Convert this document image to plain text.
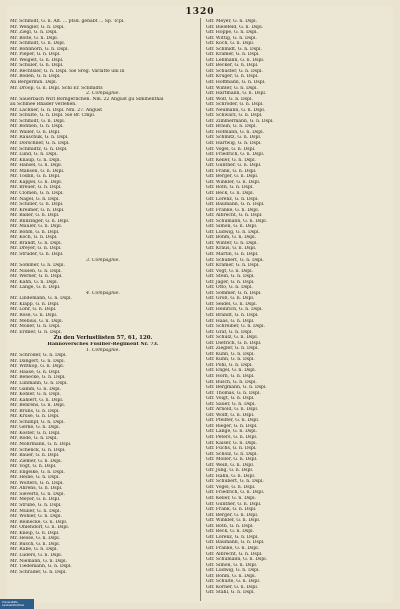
1320
Mr. Schmidt, G. n. Alt. ... ptsd. gehabt ... Sp. Tcpl.
Mr. Wengler, G. n. Dspl.
Mr. Ziegl, G. n. Dspl.
Mr. Bolte, G. n. Dspl.
Mr. Schmidt, G. n. Dspl.
Mr. Bohnhorn, G. n. Dspl.
Mr. Pieper, G. n. Dspl.
Mr. Weigelt, G. n. Dspl.
Mr. Schuler, G. n. Dspl.
Mr. Rechtsler, G. n. Dspl. Sie Sreg. Varlätte uni in
Mr. Boden, G. n. Dspl.
An Bergermin. Dspl.
Mr. Droop, G. n. Dspl. Schl Er. Schmidts
2. Compagnie.
Mr. Sauerbach Wirl Borngerlichen. Nm. 22 Angust gu Simmenthal
au Schmee Rhader verlehen.
Mr. Lachner, G. n. Dspl. Nm. 27. Angust
Mr. Schulte, G. n. Dspl. Sie Br. Cmpl.
Mr. Schmidt, G. n. Dspl.
Mr. Bohnen, G. n. Dspl.
Mr. Wäller, G. n. Dspl.
Mr. Rauschuk, G. n. Dspl.
Mr. Dörschner, G. n. Dspl.
Mr. Schmidtz, G. n. Dspl.
Mr. Lund, G. n. Dspl.
Mr. Knaup, G. n. Dspl.
Mr. Hänsel, G. n. Dspl.
Mr. Mansen, G. n. Dspl.
Mr. Tödlin, G. n. Dspl.
Mr. Kappel, G. n. Dspl.
Mr. Breuer, G. n. Dspl.
Mr. Clomen, G. n. Dspl.
Mr. Nagel, G. n. Dspl.
Mr. Schiller, G. n. Dspl.
Mr. Kreimer, G. n. Dspl.
Mr. Baller, G. n. Dspl.
Mr. Blinzinger, G. n. Dspl.
Mr. Mauler, G. n. Dspl.
Mr. Böhm, G. n. Dspl.
Mr. Koch, G. n. Dspl.
Mr. Brandt, G. n. Dspl.
Mr. Dreyer, G. n. Dspl.
Mr. Strüder, G. n. Dspl.
3. Compagnie.
Mr. Sommer, G. n. Dspl.
Mr. Nissen, G. n. Dspl.
Mr. Werner, G. n. Dspl.
Mr. Kahn, G. n. Dspl.
Mr. Lange, G. n. Dspl.
4. Compagnie.
Mr. Lindemann, G. n. Dspl.
Mr. Klapp, G. n. Dspl.
Mr. Löhr, G. n. Dspl.
Mr. Rose, G. n. Dspl.
Mr. Mebius, G. n. Dspl.
Mr. Möller, G. n. Dspl.
Mr. Erdner, G. n. Dspl.
Zu den Verlustlisten 57, 61, 120.
Hannoversches Füsilier-Regiment Nr. 73.
1. Compagnie.
Mr. Schröder, G. n. Dspl.
Mr. Dangert, G. n. Dspl.
Mr. Wittkop, G. n. Dspl.
Mr. Haase, G. n. Dspl.
Mr. Benecke, G. n. Dspl.
Mr. Lühmann, G. n. Dspl.
Mr. Gamm, G. n. Dspl.
Mr. Köhler, G. n. Dspl.
Mr. Kahlert, G. n. Dspl.
Mr. Behrens, G. n. Dspl.
Mr. Bruns, G. n. Dspl.
Mr. Kruse, G. n. Dspl.
Mr. Schimpf, G. n. Dspl.
Mr. Gerke, G. n. Dspl.
Mr. Köster, G. n. Dspl.
Mr. Rode, G. n. Dspl.
Mr. Mohrmann, G. n. Dspl.
Mr. Schenck, G. n. Dspl.
Mr. Bauer, G. n. Dspl.
Mr. Ziemer, G. n. Dspl.
Mr. Vogt, G. n. Dspl.
Mr. Engelke, G. n. Dspl.
Mr. Heine, G. n. Dspl.
Mr. Wolters, G. n. Dspl.
Mr. Ahrens, G. n. Dspl.
Mr. Sieverts, G. n. Dspl.
Mr. Meyer, G. n. Dspl.
Mr. Strube, G. n. Dspl.
Mr. Müller, G. n. Dspl.
Mr. Wöhler, G. n. Dspl.
Mr. Reinecke, G. n. Dspl.
Mr. Ohlendorf, G. n. Dspl.
Mr. Kneip, G. n. Dspl.
Mr. Hesse, G. n. Dspl.
Mr. Busch, G. n. Dspl.
Mr. Rabe, G. n. Dspl.
Mr. Lüders, G. n. Dspl.
Mr. Niemann, G. n. Dspl.
Mr. Tiedemann, G. n. Dspl.
Mr. Schrader, G. n. Dspl.
Gfr. Meyer, G. n. Dspl.
Gfr. Bielefeld, G. n. Dspl.
Gfr. Hoppe, G. n. Dspl.
Gfr. Wittig, G. n. Dspl.
Gfr. Koch, G. n. Dspl.
Gfr. Schmidt, G. n. Dspl.
Gfr. Kramer, G. n. Dspl.
Gfr. Lehmann, G. n. Dspl.
Gfr. Becker, G. n. Dspl.
Gfr. Schuster, G. n. Dspl.
Gfr. Krüger, G. n. Dspl.
Gfr. Hoffmann, G. n. Dspl.
Gfr. Winter, G. n. Dspl.
Gfr. Hartmann, G. n. Dspl.
Gfr. Wolf, G. n. Dspl.
Gfr. Schröder, G. n. Dspl.
Gfr. Neumann, G. n. Dspl.
Gfr. Schwarz, G. n. Dspl.
Gfr. Zimmermann, G. n. Dspl.
Gfr. Braun, G. n. Dspl.
Gfr. Hofmann, G. n. Dspl.
Gfr. Schmitz, G. n. Dspl.
Gfr. Hartwig, G. n. Dspl.
Gfr. Vogel, G. n. Dspl.
Gfr. Friedrich, G. n. Dspl.
Gfr. Keller, G. n. Dspl.
Gfr. Günther, G. n. Dspl.
Gfr. Frank, G. n. Dspl.
Gfr. Berger, G. n. Dspl.
Gfr. Winkler, G. n. Dspl.
Gfr. Roth, G. n. Dspl.
Gfr. Beck, G. n. Dspl.
Gfr. Lorenz, G. n. Dspl.
Gfr. Baumann, G. n. Dspl.
Gfr. Franke, G. n. Dspl.
Gfr. Albrecht, G. n. Dspl.
Gfr. Schumann, G. n. Dspl.
Gfr. Simon, G. n. Dspl.
Gfr. Ludwig, G. n. Dspl.
Gfr. Böhm, G. n. Dspl.
Gfr. Winter, G. n. Dspl.
Gfr. Kraus, G. n. Dspl.
Gfr. Martin, G. n. Dspl.
Gfr. Schubert, G. n. Dspl.
Gfr. Krämer, G. n. Dspl.
Gfr. Vogt, G. n. Dspl.
Gfr. Stein, G. n. Dspl.
Gfr. Jäger, G. n. Dspl.
Gfr. Otto, G. n. Dspl.
Gfr. Sommer, G. n. Dspl.
Gfr. Groß, G. n. Dspl.
Gfr. Seidel, G. n. Dspl.
Gfr. Heinrich, G. n. Dspl.
Gfr. Brandt, G. n. Dspl.
Gfr. Haas, G. n. Dspl.
Gfr. Schreiber, G. n. Dspl.
Gfr. Graf, G. n. Dspl.
Gfr. Schulz, G. n. Dspl.
Gfr. Dietrich, G. n. Dspl.
Gfr. Ziegler, G. n. Dspl.
Gfr. Kuhn, G. n. Dspl.
Gfr. Kühn, G. n. Dspl.
Gfr. Pohl, G. n. Dspl.
Gfr. Engel, G. n. Dspl.
Gfr. Horn, G. n. Dspl.
Gfr. Busch, G. n. Dspl.
Gfr. Bergmann, G. n. Dspl.
Gfr. Thomas, G. n. Dspl.
Gfr. Voigt, G. n. Dspl.
Gfr. Sauer, G. n. Dspl.
Gfr. Arnold, G. n. Dspl.
Gfr. Wolff, G. n. Dspl.
Gfr. Pfeiffer, G. n. Dspl.
Gfr. Rieger, G. n. Dspl.
Gfr. Lange, G. n. Dspl.
Gfr. Peters, G. n. Dspl.
Gfr. Kaiser, G. n. Dspl.
Gfr. Fuchs, G. n. Dspl.
Gfr. Scholz, G. n. Dspl.
Gfr. Möller, G. n. Dspl.
Gfr. Weiß, G. n. Dspl.
Gfr. Jung, G. n. Dspl.
Gfr. Hahn, G. n. Dspl.
Gfr. Schubert, G. n. Dspl.
Gfr. Vogel, G. n. Dspl.
Gfr. Friedrich, G. n. Dspl.
Gfr. Keller, G. n. Dspl.
Gfr. Günther, G. n. Dspl.
Gfr. Frank, G. n. Dspl.
Gfr. Berger, G. n. Dspl.
Gfr. Winkler, G. n. Dspl.
Gfr. Roth, G. n. Dspl.
Gfr. Beck, G. n. Dspl.
Gfr. Lorenz, G. n. Dspl.
Gfr. Baumann, G. n. Dspl.
Gfr. Franke, G. n. Dspl.
Gfr. Albrecht, G. n. Dspl.
Gfr. Schumann, G. n. Dspl.
Gfr. Simon, G. n. Dspl.
Gfr. Ludwig, G. n. Dspl.
Gfr. Böhm, G. n. Dspl.
Gfr. Schulte, G. n. Dspl.
Gfr. Körner, G. n. Dspl.
Gfr. Stahl, G. n. Dspl.
Universitäts-
Landesbibliothek
